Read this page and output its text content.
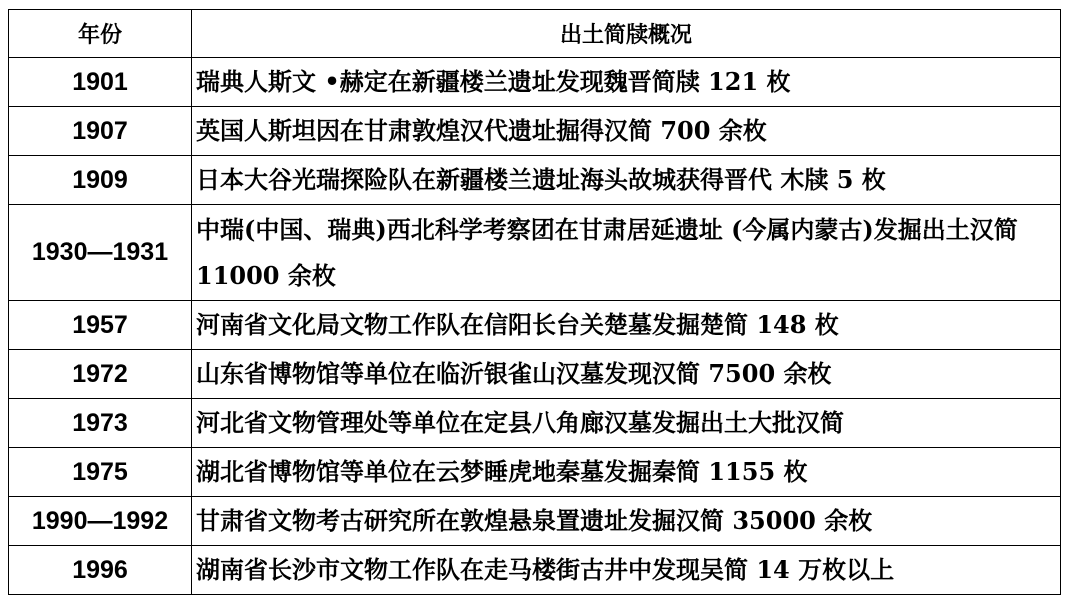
年份	出土简牍概况
1901	瑞典人斯文 •赫定在新疆楼兰遗址发现魏晋简牍 121 枚
1907	英国人斯坦因在甘肃敦煌汉代遗址掘得汉简 700 余枚
1909	日本大谷光瑞探险队在新疆楼兰遗址海头故城获得晋代 木牍 5 枚
1930—1931	中瑞(中国、瑞典)西北科学考察团在甘肃居延遗址 (今属内蒙古)发掘出土汉简 11000 余枚
1957	河南省文化局文物工作队在信阳长台关楚墓发掘楚简 148 枚
1972	山东省博物馆等单位在临沂银雀山汉墓发现汉简 7500 余枚
1973	河北省文物管理处等单位在定县八角廊汉墓发掘出土大批汉简
1975	湖北省博物馆等单位在云梦睡虎地秦墓发掘秦简 1155 枚
1990—1992	甘肃省文物考古研究所在敦煌悬泉置遗址发掘汉简 35000 余枚
1996	湖南省长沙市文物工作队在走马楼街古井中发现吴简 14 万枚以上
